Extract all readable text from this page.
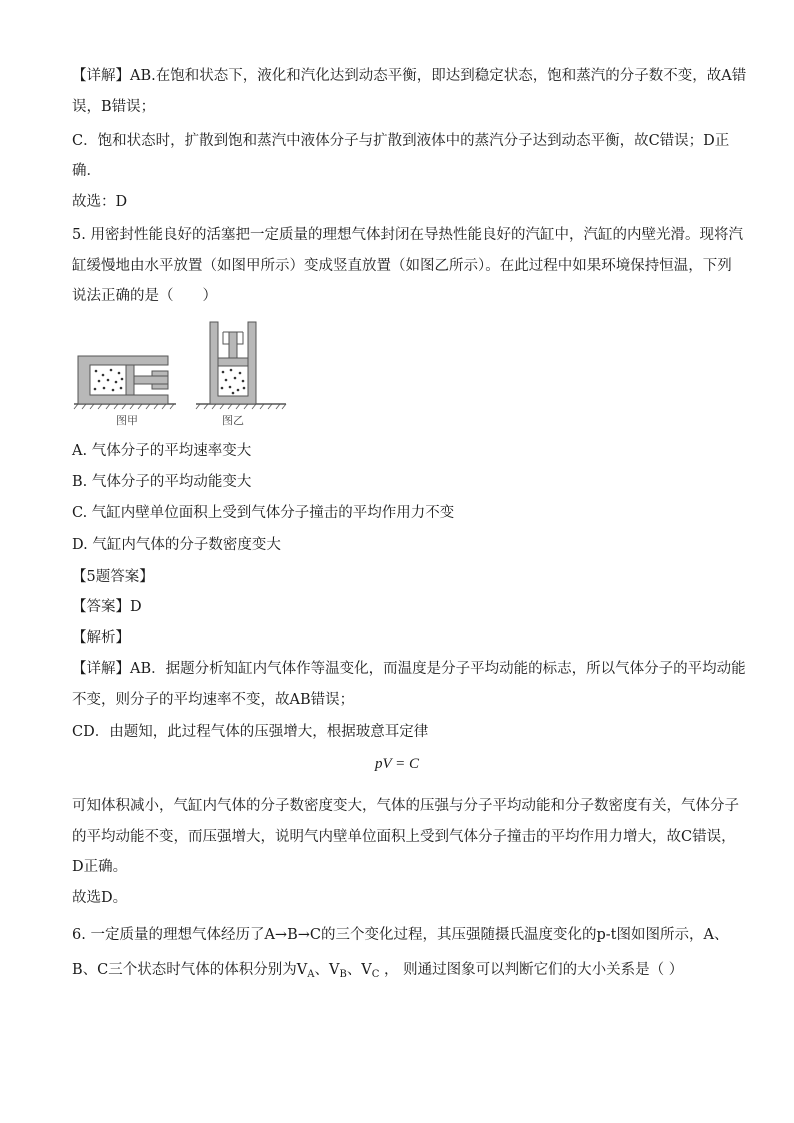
【详解】AB.在饱和状态下，液化和汽化达到动态平衡，即达到稳定状态，饱和蒸汽的分子数不变，故A错
误，B错误；
C．饱和状态时，扩散到饱和蒸汽中液体分子与扩散到液体中的蒸汽分子达到动态平衡，故C错误；D正
确．
故选：D
5. 用密封性能良好的活塞把一定质量的理想气体封闭在导热性能良好的汽缸中，汽缸的内壁光滑。现将汽
缸缓慢地由水平放置（如图甲所示）变成竖直放置（如图乙所示）。在此过程中如果环境保持恒温，下列
说法正确的是（　　）
图甲	图乙
A. 气体分子的平均速率变大
B. 气体分子的平均动能变大
C. 气缸内壁单位面积上受到气体分子撞击的平均作用力不变
D. 气缸内气体的分子数密度变大
【5题答案】
【答案】D
【解析】
【详解】AB．据题分析知缸内气体作等温变化，而温度是分子平均动能的标志，所以气体分子的平均动能
不变，则分子的平均速率不变，故AB错误；
CD．由题知，此过程气体的压强增大，根据玻意耳定律
pV = C
可知体积减小，气缸内气体的分子数密度变大，气体的压强与分子平均动能和分子数密度有关，气体分子
的平均动能不变，而压强增大，说明气内壁单位面积上受到气体分子撞击的平均作用力增大，故C错误，
D正确。
故选D。
6. 一定质量的理想气体经历了A→B→C的三个变化过程，其压强随摄氏温度变化的p-t图如图所示，A、
B、C三个状态时气体的体积分别为$V_A$、$V_B$、$V_C$ ， 则通过图象可以判断它们的大小关系是（ ）
